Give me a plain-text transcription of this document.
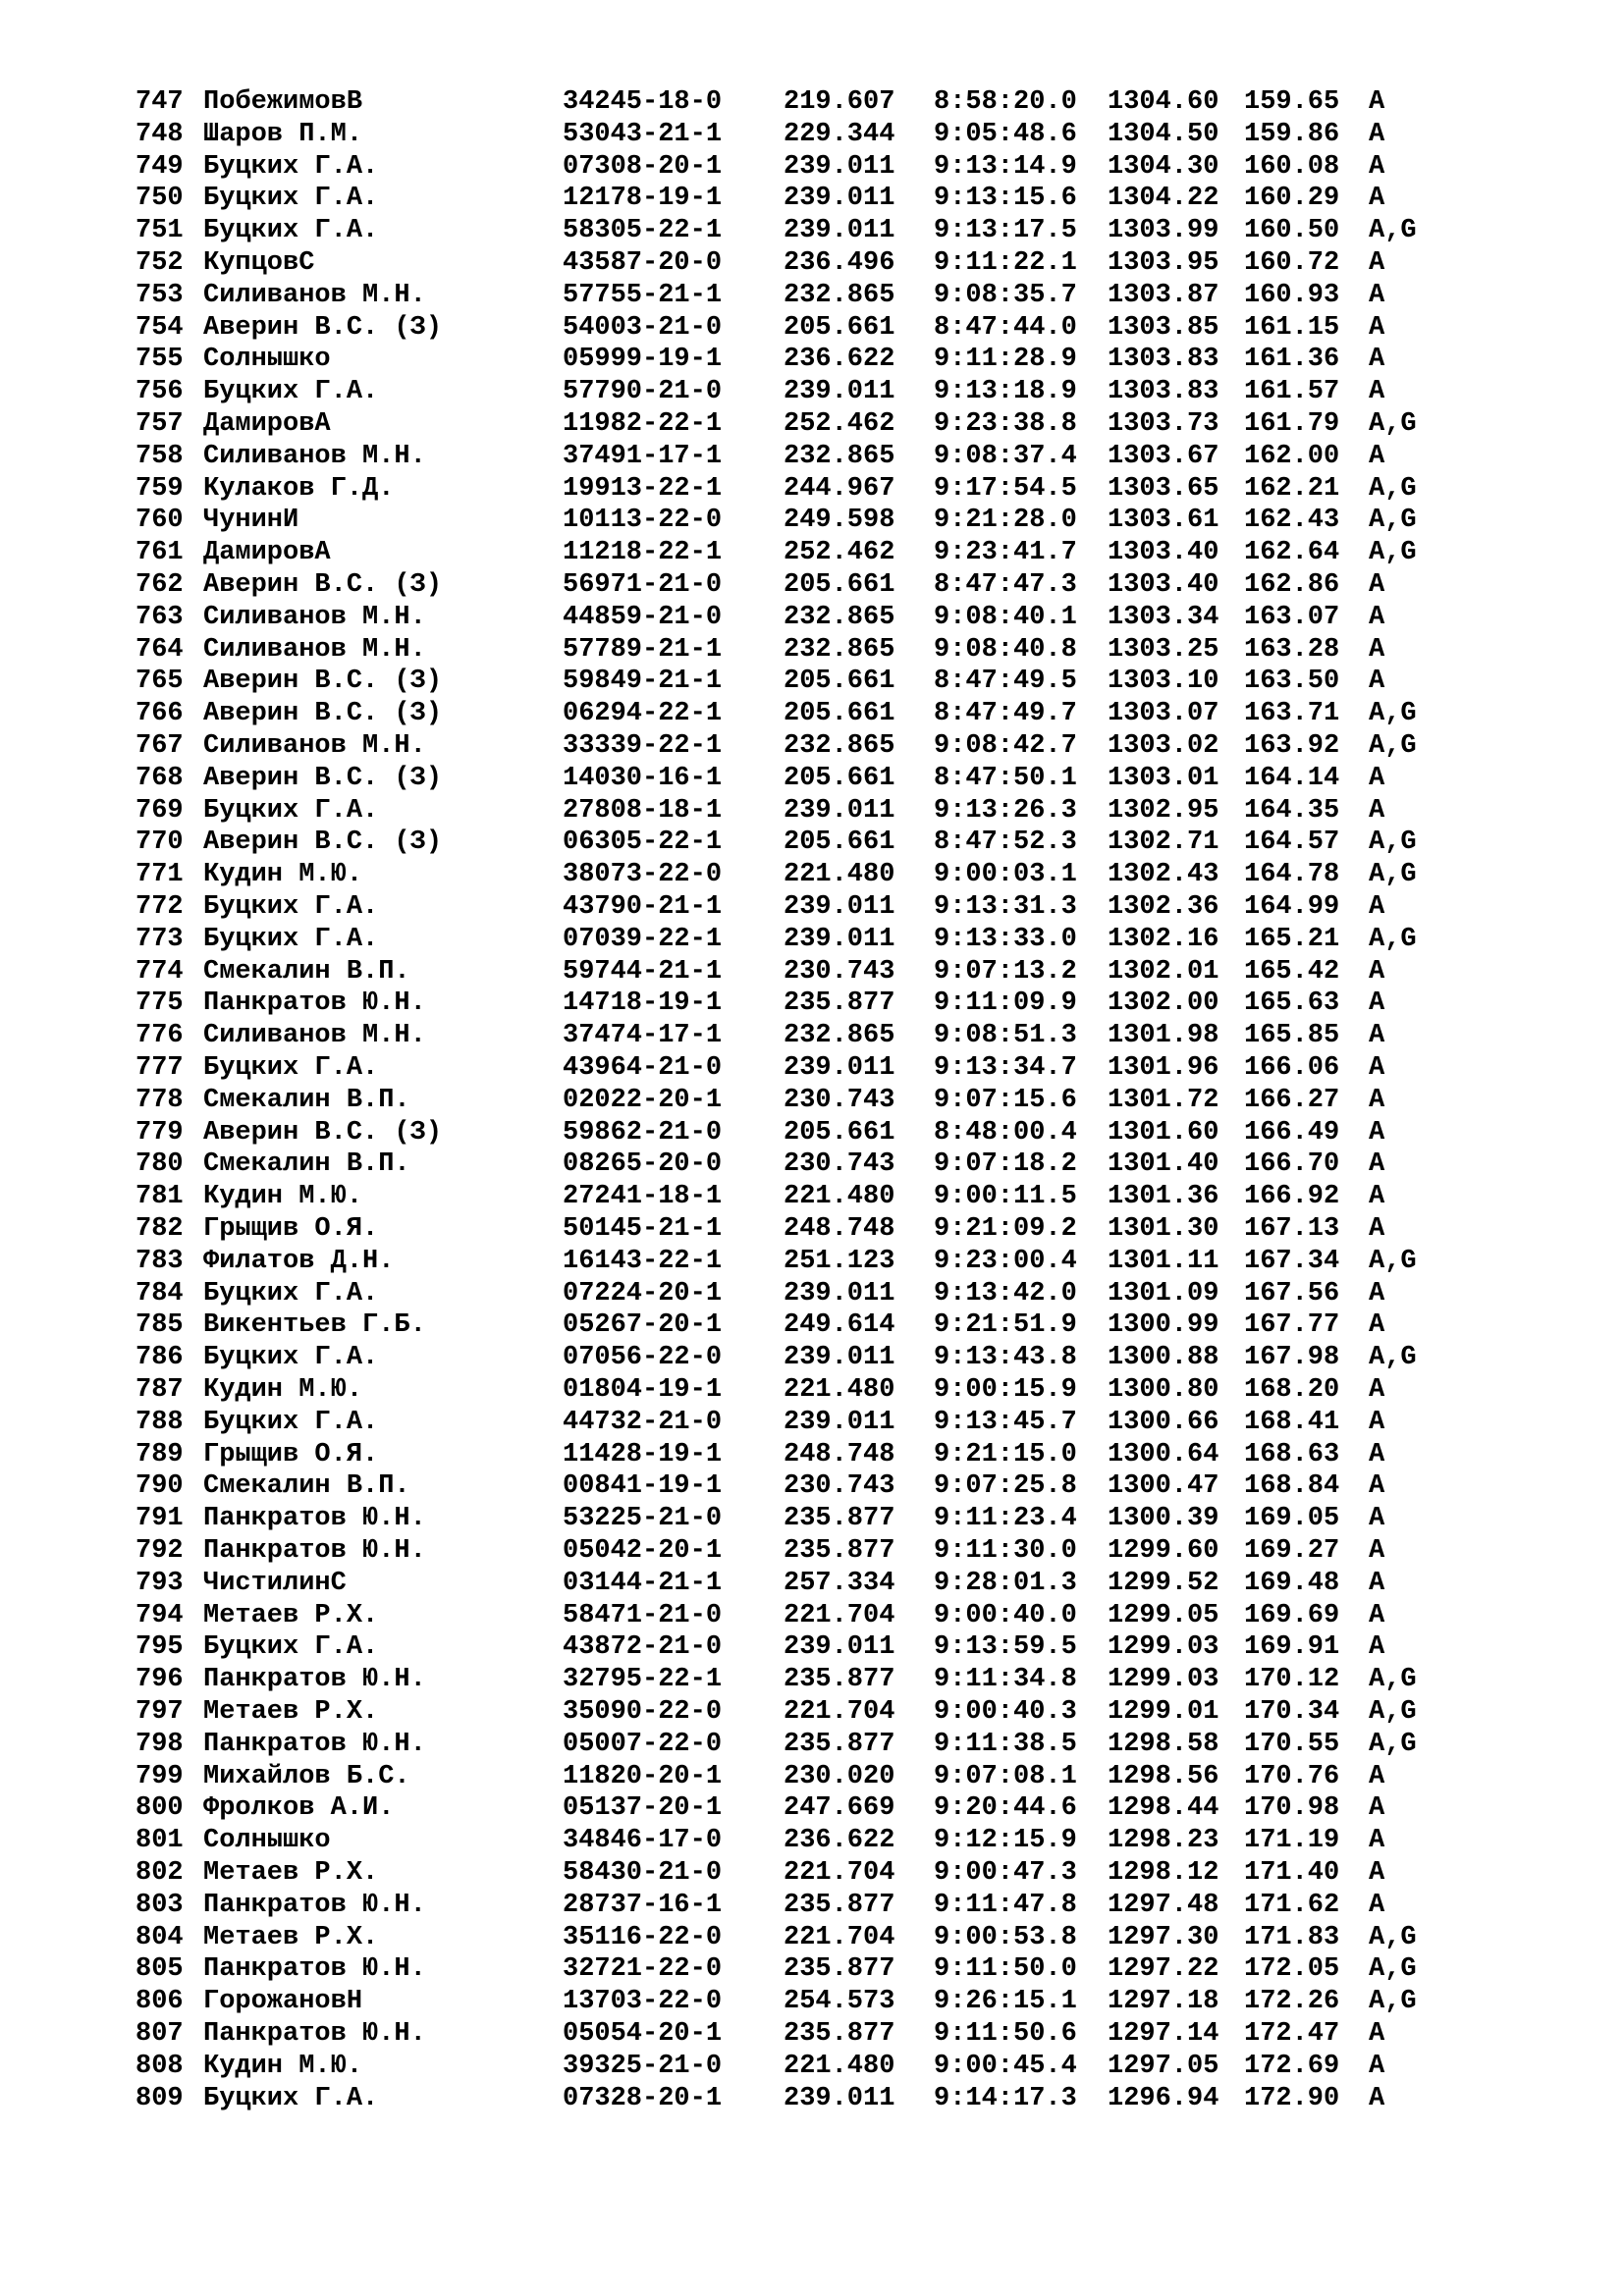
747 ПобежимовВ	34245-18-0 219.607 8:58:20.0 1304.60 159.65 A
748 Шаров П.М.	53043-21-1 229.344 9:05:48.6 1304.50 159.86 A
749 Буцких Г.А.	07308-20-1 239.011 9:13:14.9 1304.30 160.08 A
750 Буцких Г.А.	12178-19-1 239.011 9:13:15.6 1304.22 160.29 A
751 Буцких Г.А.	58305-22-1 239.011 9:13:17.5 1303.99 160.50 A,G
752 КупцовС	43587-20-0 236.496 9:11:22.1 1303.95 160.72 A
753 Силиванов М.Н.	57755-21-1 232.865 9:08:35.7 1303.87 160.93 A
754 Аверин В.С. (З)	54003-21-0 205.661 8:47:44.0 1303.85 161.15 A
755 Солнышко	05999-19-1 236.622 9:11:28.9 1303.83 161.36 A
756 Буцких Г.А.	57790-21-0 239.011 9:13:18.9 1303.83 161.57 A
757 ДамировА	11982-22-1 252.462 9:23:38.8 1303.73 161.79 A,G
758 Силиванов М.Н.	37491-17-1 232.865 9:08:37.4 1303.67 162.00 A
759 Кулаков Г.Д.	19913-22-1 244.967 9:17:54.5 1303.65 162.21 A,G
760 ЧунинИ	10113-22-0 249.598 9:21:28.0 1303.61 162.43 A,G
761 ДамировА	11218-22-1 252.462 9:23:41.7 1303.40 162.64 A,G
762 Аверин В.С. (З)	56971-21-0 205.661 8:47:47.3 1303.40 162.86 A
763 Силиванов М.Н.	44859-21-0 232.865 9:08:40.1 1303.34 163.07 A
764 Силиванов М.Н.	57789-21-1 232.865 9:08:40.8 1303.25 163.28 A
765 Аверин В.С. (З)	59849-21-1 205.661 8:47:49.5 1303.10 163.50 A
766 Аверин В.С. (З)	06294-22-1 205.661 8:47:49.7 1303.07 163.71 A,G
767 Силиванов М.Н.	33339-22-1 232.865 9:08:42.7 1303.02 163.92 A,G
768 Аверин В.С. (З)	14030-16-1 205.661 8:47:50.1 1303.01 164.14 A
769 Буцких Г.А.	27808-18-1 239.011 9:13:26.3 1302.95 164.35 A
770 Аверин В.С. (З)	06305-22-1 205.661 8:47:52.3 1302.71 164.57 A,G
771 Кудин М.Ю.	38073-22-0 221.480 9:00:03.1 1302.43 164.78 A,G
772 Буцких Г.А.	43790-21-1 239.011 9:13:31.3 1302.36 164.99 A
773 Буцких Г.А.	07039-22-1 239.011 9:13:33.0 1302.16 165.21 A,G
774 Смекалин В.П.	59744-21-1 230.743 9:07:13.2 1302.01 165.42 A
775 Панкратов Ю.Н.	14718-19-1 235.877 9:11:09.9 1302.00 165.63 A
776 Силиванов М.Н.	37474-17-1 232.865 9:08:51.3 1301.98 165.85 A
777 Буцких Г.А.	43964-21-0 239.011 9:13:34.7 1301.96 166.06 A
778 Смекалин В.П.	02022-20-1 230.743 9:07:15.6 1301.72 166.27 A
779 Аверин В.С. (З)	59862-21-0 205.661 8:48:00.4 1301.60 166.49 A
780 Смекалин В.П.	08265-20-0 230.743 9:07:18.2 1301.40 166.70 A
781 Кудин М.Ю.	27241-18-1 221.480 9:00:11.5 1301.36 166.92 A
782 Грыщив О.Я.	50145-21-1 248.748 9:21:09.2 1301.30 167.13 A
783 Филатов Д.Н.	16143-22-1 251.123 9:23:00.4 1301.11 167.34 A,G
784 Буцких Г.А.	07224-20-1 239.011 9:13:42.0 1301.09 167.56 A
785 Викентьев Г.Б.	05267-20-1 249.614 9:21:51.9 1300.99 167.77 A
786 Буцких Г.А.	07056-22-0 239.011 9:13:43.8 1300.88 167.98 A,G
787 Кудин М.Ю.	01804-19-1 221.480 9:00:15.9 1300.80 168.20 A
788 Буцких Г.А.	44732-21-0 239.011 9:13:45.7 1300.66 168.41 A
789 Грыщив О.Я.	11428-19-1 248.748 9:21:15.0 1300.64 168.63 A
790 Смекалин В.П.	00841-19-1 230.743 9:07:25.8 1300.47 168.84 A
791 Панкратов Ю.Н.	53225-21-0 235.877 9:11:23.4 1300.39 169.05 A
792 Панкратов Ю.Н.	05042-20-1 235.877 9:11:30.0 1299.60 169.27 A
793 ЧистилинС	03144-21-1 257.334 9:28:01.3 1299.52 169.48 A
794 Метаев Р.Х.	58471-21-0 221.704 9:00:40.0 1299.05 169.69 A
795 Буцких Г.А.	43872-21-0 239.011 9:13:59.5 1299.03 169.91 A
796 Панкратов Ю.Н.	32795-22-1 235.877 9:11:34.8 1299.03 170.12 A,G
797 Метаев Р.Х.	35090-22-0 221.704 9:00:40.3 1299.01 170.34 A,G
798 Панкратов Ю.Н.	05007-22-0 235.877 9:11:38.5 1298.58 170.55 A,G
799 Михайлов Б.С.	11820-20-1 230.020 9:07:08.1 1298.56 170.76 A
800 Фролков А.И.	05137-20-1 247.669 9:20:44.6 1298.44 170.98 A
801 Солнышко	34846-17-0 236.622 9:12:15.9 1298.23 171.19 A
802 Метаев Р.Х.	58430-21-0 221.704 9:00:47.3 1298.12 171.40 A
803 Панкратов Ю.Н.	28737-16-1 235.877 9:11:47.8 1297.48 171.62 A
804 Метаев Р.Х.	35116-22-0 221.704 9:00:53.8 1297.30 171.83 A,G
805 Панкратов Ю.Н.	32721-22-0 235.877 9:11:50.0 1297.22 172.05 A,G
806 ГорожановН	13703-22-0 254.573 9:26:15.1 1297.18 172.26 A,G
807 Панкратов Ю.Н.	05054-20-1 235.877 9:11:50.6 1297.14 172.47 A
808 Кудин М.Ю.	39325-21-0 221.480 9:00:45.4 1297.05 172.69 A
809 Буцких Г.А.	07328-20-1 239.011 9:14:17.3 1296.94 172.90 A
